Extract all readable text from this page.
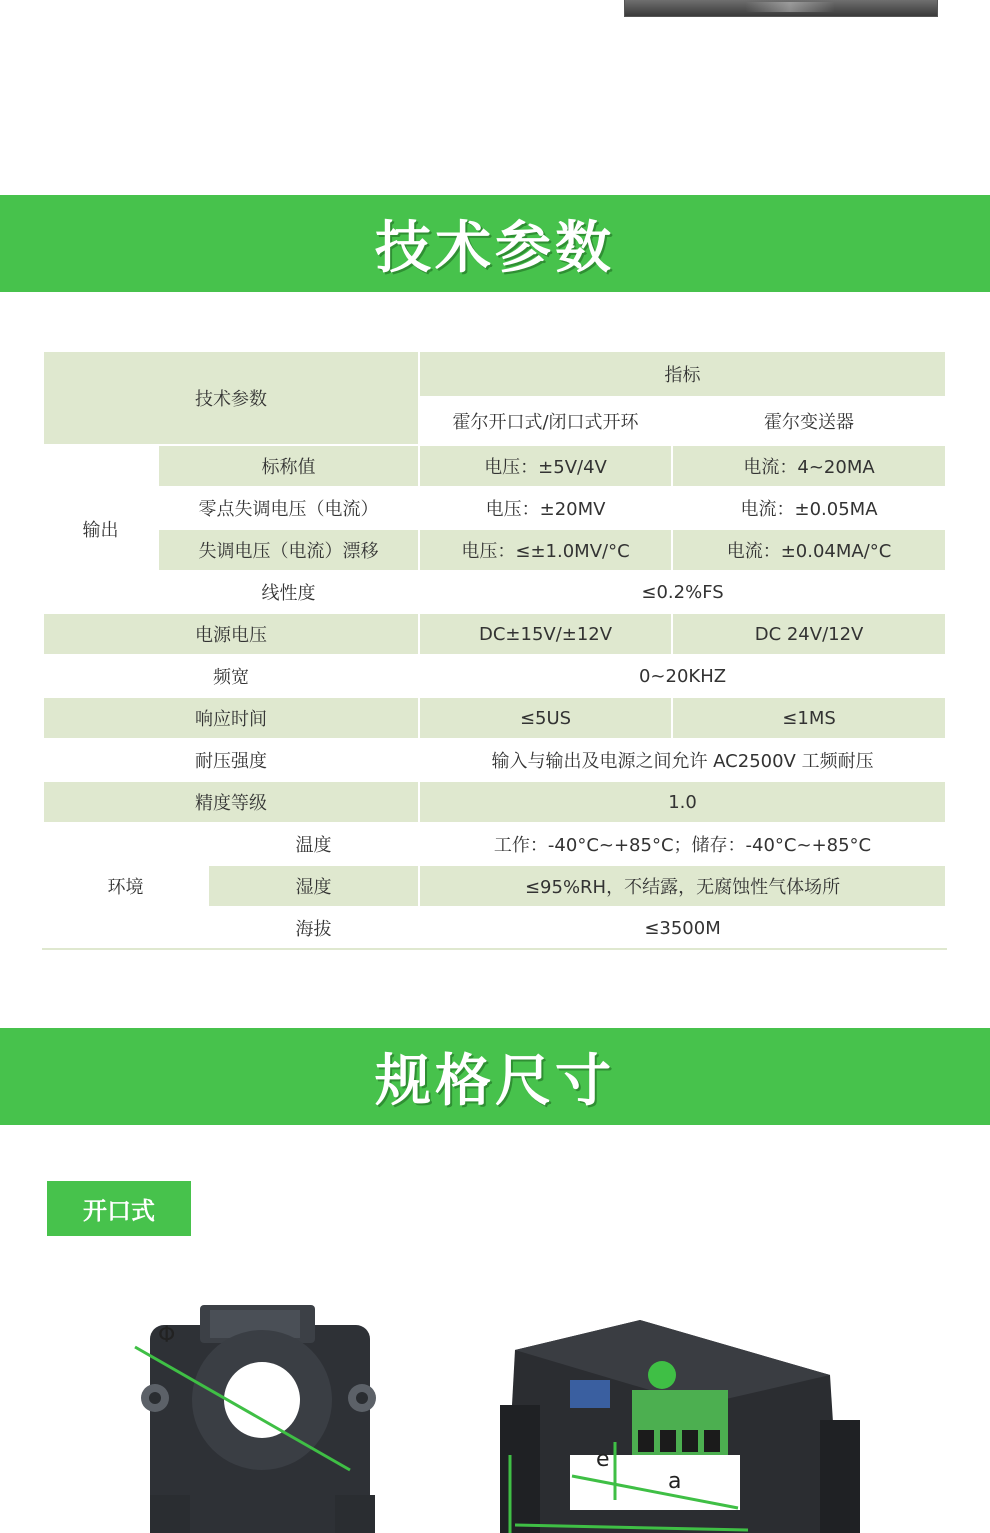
技术参数
技术参数			指标	
			霍尔开口式/闭口式开环	霍尔变送器
输出	标称值		电压：±5V/4V	电流：4~20MA
	零点失调电压（电流）		电压：±20MV	电流：±0.05MA
	失调电压（电流）漂移		电压：≤±1.0MV/°C	电流：±0.04MA/°C
	线性度		≤0.2%FS	
电源电压			DC±15V/±12V	DC 24V/12V
频宽			0~20KHZ	
响应时间			≤5US	≤1MS
耐压强度			输入与输出及电源之间允许 AC2500V 工频耐压	
精度等级			1.0	
环境		温度	工作：-40°C~+85°C；储存：-40°C~+85°C	
		湿度	≤95%RH，不结露，无腐蚀性气体场所	
		海拔	≤3500M	
规格尺寸
开口式
Φ
e
a
